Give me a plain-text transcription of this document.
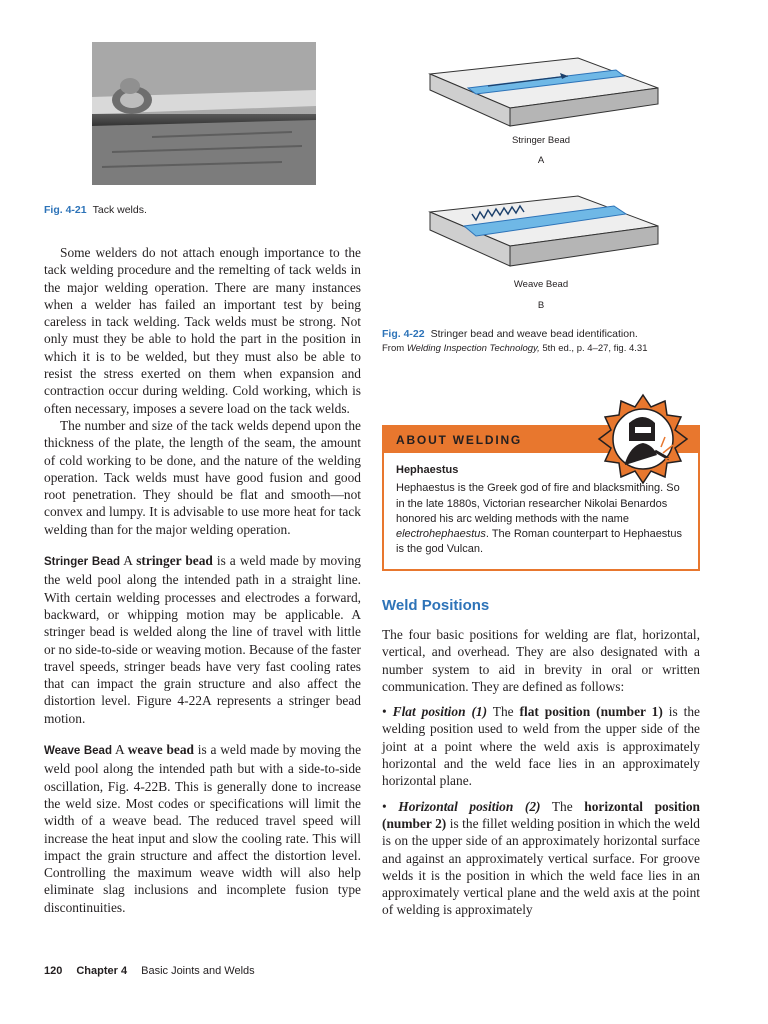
Fig. 4-21 Tack welds.

Some welders do not attach enough importance to the tack welding procedure and the remelting of tack welds in the major welding operation. There are many instances when a welder has failed an important test by being careless in tack welding. Tack welds must be strong. Not only must they be able to hold the part in the position in which it is to be welded, but they must also be able to resist the stress exerted on them when expansion and contraction occur during welding. Cold working, which is often necessary, imposes a severe load on the tack welds.

The number and size of the tack welds depend upon the thickness of the plate, the length of the seam, the amount of cold working to be done, and the nature of the welding operation. Tack welds must have good fusion and good root penetration. They should be flat and smooth—not convex and lumpy. It is advisable to use more heat for tack welding than for the major welding operation.

Stringer Bead A stringer bead is a weld made by moving the weld pool along the intended path in a straight line. With certain welding processes and electrodes a forward, backward, or whipping motion may be applicable. A stringer bead is welded along the line of travel with little or no side-to-side or weaving motion. Because of the faster travel speeds, stringer beads have very fast cooling rates that can impact the grain structure and also affect the distortion level. Figure 4-22A represents a stringer bead motion.

Weave Bead A weave bead is a weld made by moving the weld pool along the intended path but with a side-to-side oscillation, Fig. 4-22B. This is generally done to increase the weld size. Most codes or specifications will limit the width of a weave bead. The reduced travel speed will increase the heat input and slow the cooling rate. This will impact the grain structure and affect the distortion level. Controlling the maximum weave width will also help eliminate slag inclusions and incomplete fusion type discontinuities.

Stringer Bead
A
Weave Bead
B
Fig. 4-22 Stringer bead and weave bead identification.
From Welding Inspection Technology, 5th ed., p. 4–27, fig. 4.31
ABOUT WELDING
Hephaestus
Hephaestus is the Greek god of fire and blacksmithing. So in the late 1880s, Victorian researcher Nikolai Benardos honored his arc welding methods with the name electrohephaestus. The Roman counterpart to Hephaestus is the god Vulcan.
Weld Positions

The four basic positions for welding are flat, horizontal, vertical, and overhead. They are also designated with a number system to aid in brevity in oral or written communication. They are defined as follows:

• Flat position (1) The flat position (number 1) is the welding position used to weld from the upper side of the joint at a point where the weld axis is approximately horizontal and the weld face lies in an approximately horizontal plane.

• Horizontal position (2) The horizontal position (number 2) is the fillet welding position in which the weld is on the upper side of an approximately horizontal surface and against an approximately vertical surface. For groove welds it is the position in which the weld face lies in an approximately vertical plane and the weld axis at the point of welding is approximately

120 Chapter 4 Basic Joints and Welds
